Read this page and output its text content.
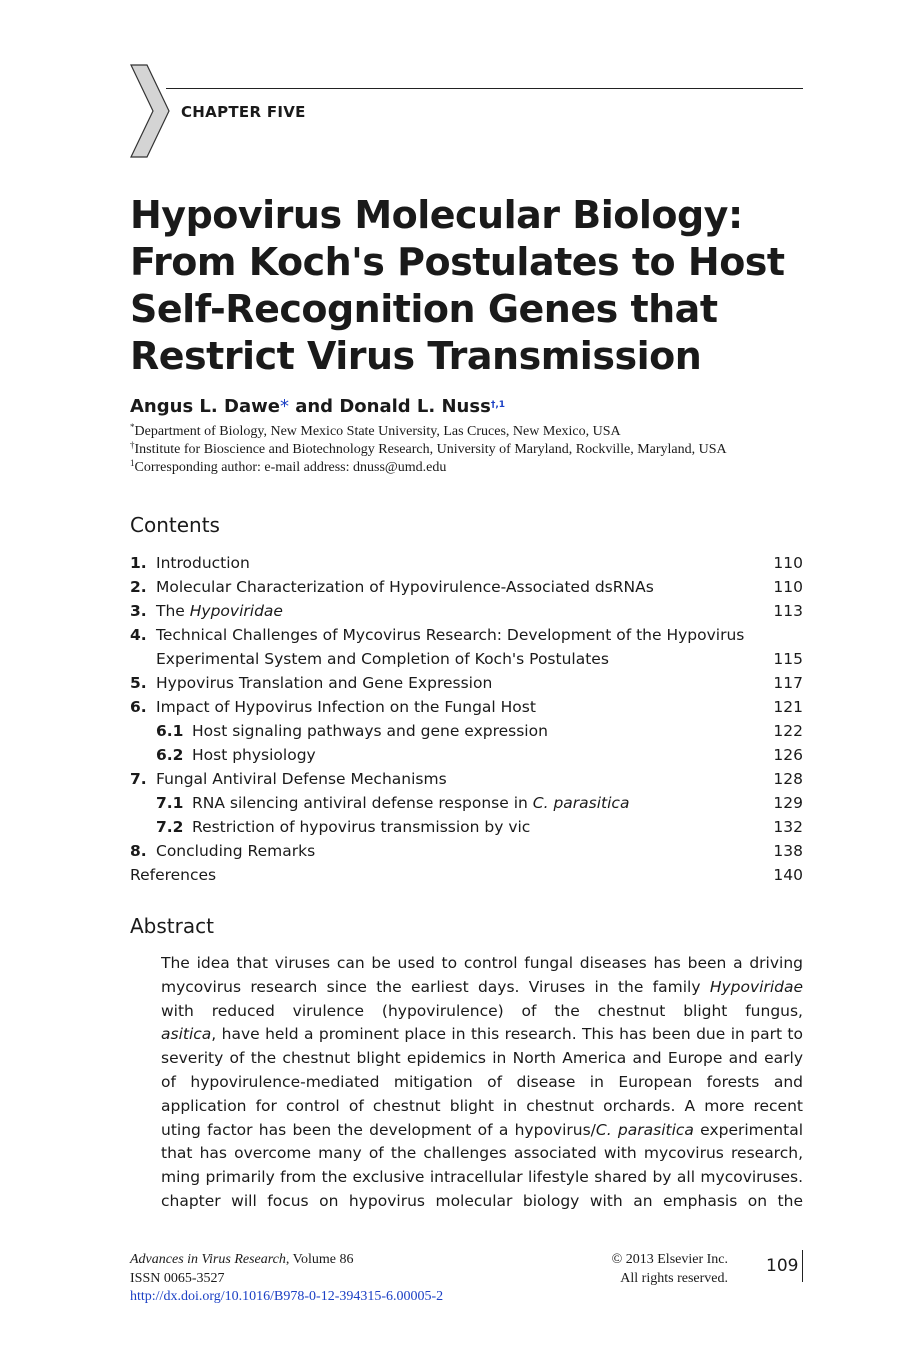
CHAPTER FIVE
Hypovirus Molecular Biology:
From Koch's Postulates to Host
Self-Recognition Genes that
Restrict Virus Transmission
Angus L. Dawe* and Donald L. Nuss$^{\dagger,1}$
*Department of Biology, New Mexico State University, Las Cruces, New Mexico, USA
†Institute for Bioscience and Biotechnology Research, University of Maryland, Rockville, Maryland, USA
$^1$Corresponding author: e-mail address: dnuss@umd.edu
Contents
1. Introduction	110
2. Molecular Characterization of Hypovirulence-Associated dsRNAs	110
3. The Hypoviridae	113
4. Technical Challenges of Mycovirus Research: Development of the Hypovirus
Experimental System and Completion of Koch's Postulates	115
5. Hypovirus Translation and Gene Expression	117
6. Impact of Hypovirus Infection on the Fungal Host	121
6.1 Host signaling pathways and gene expression	122
6.2 Host physiology	126
7. Fungal Antiviral Defense Mechanisms	128
7.1 RNA silencing antiviral defense response in C. parasitica	129
7.2 Restriction of hypovirus transmission by vic	132
8. Concluding Remarks	138
References	140
Abstract
The idea that viruses can be used to control fungal diseases has been a driving
mycovirus research since the earliest days. Viruses in the family Hypoviridae
with reduced virulence (hypovirulence) of the chestnut blight fungus,
asitica, have held a prominent place in this research. This has been due in part to
severity of the chestnut blight epidemics in North America and Europe and early
of hypovirulence-mediated mitigation of disease in European forests and
application for control of chestnut blight in chestnut orchards. A more recent
uting factor has been the development of a hypovirus/C. parasitica experimental
that has overcome many of the challenges associated with mycovirus research,
ming primarily from the exclusive intracellular lifestyle shared by all mycoviruses.
chapter will focus on hypovirus molecular biology with an emphasis on the
Advances in Virus Research, Volume 86
ISSN 0065-3527
http://dx.doi.org/10.1016/B978-0-12-394315-6.00005-2
© 2013 Elsevier Inc.
All rights reserved.
109
